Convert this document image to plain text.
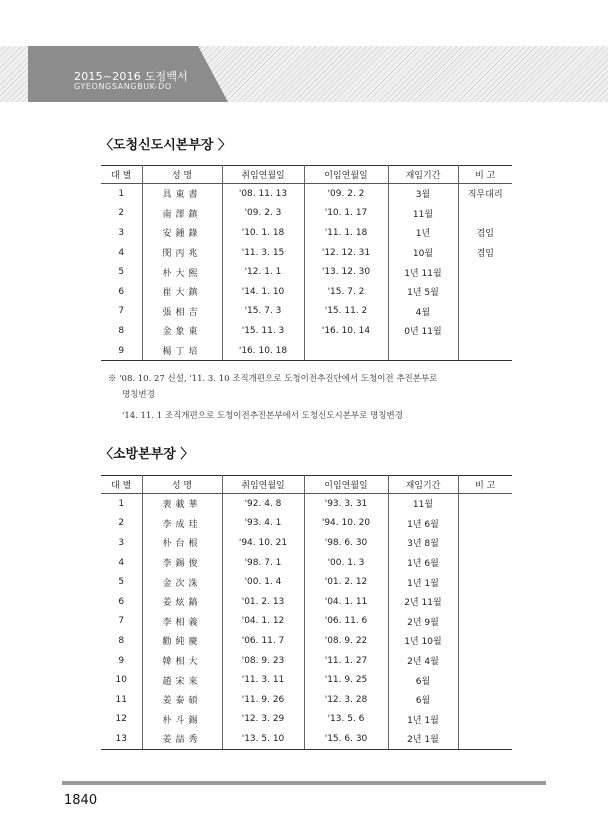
2015~2016 도정백서
GYEONGSANGBUK-DO
〈도청신도시본부장 〉
대 별	성 명	취임연월일	이임연월일	재임기간	비 고
1	具東書	'08. 11. 13	'09. 2. 2	3월	직무대리
2	南澤鎮	'09. 2. 3	'10. 1. 17	11월	
3	安鍾錄	'10. 1. 18	'11. 1. 18	1년	겸임
4	閔丙兆	'11. 3. 15	'12. 12. 31	10월	겸임
5	朴大熙	'12. 1. 1	'13. 12. 30	1년 11월	
6	崔大鎮	'14. 1. 10	'15. 7. 2	1년 5월	
7	張相吉	'15. 7. 3	'15. 11. 2	4월	
8	金象東	'15. 11. 3	'16. 10. 14	0년 11월	
9	楊丁培	'16. 10. 18			
※ '08. 10. 27 신설, '11. 3. 10 조직개편으로 도청이전추진단에서 도청이전 추진본부로
명칭변경
'14. 11. 1 조직개편으로 도청이전추진본부에서 도청신도시본부로 명칭변경
〈소방본부장 〉
대 별	성 명	취임연월일	이임연월일	재임기간	비 고
1	裵載華	'92. 4. 8	'93. 3. 31	11월	
2	李成珪	'93. 4. 1	'94. 10. 20	1년 6월	
3	朴台根	'94. 10. 21	'98. 6. 30	3년 8월	
4	李錫俊	'98. 7. 1	'00. 1. 3	1년 6월	
5	金次洙	'00. 1. 4	'01. 2. 12	1년 1월	
6	姜炫鎬	'01. 2. 13	'04. 1. 11	2년 11월	
7	李相義	'04. 1. 12	'06. 11. 6	2년 9월	
8	勸純慶	'06. 11. 7	'08. 9. 22	1년 10월	
9	韓相大	'08. 9. 23	'11. 1. 27	2년 4월	
10	趙宋來	'11. 3. 11	'11. 9. 25	6월	
11	姜泰碩	'11. 9. 26	'12. 3. 28	6월	
12	朴斗錫	'12. 3. 29	'13. 5. 6	1년 1월	
13	姜喆秀	'13. 5. 10	'15. 6. 30	2년 1월	
1840
